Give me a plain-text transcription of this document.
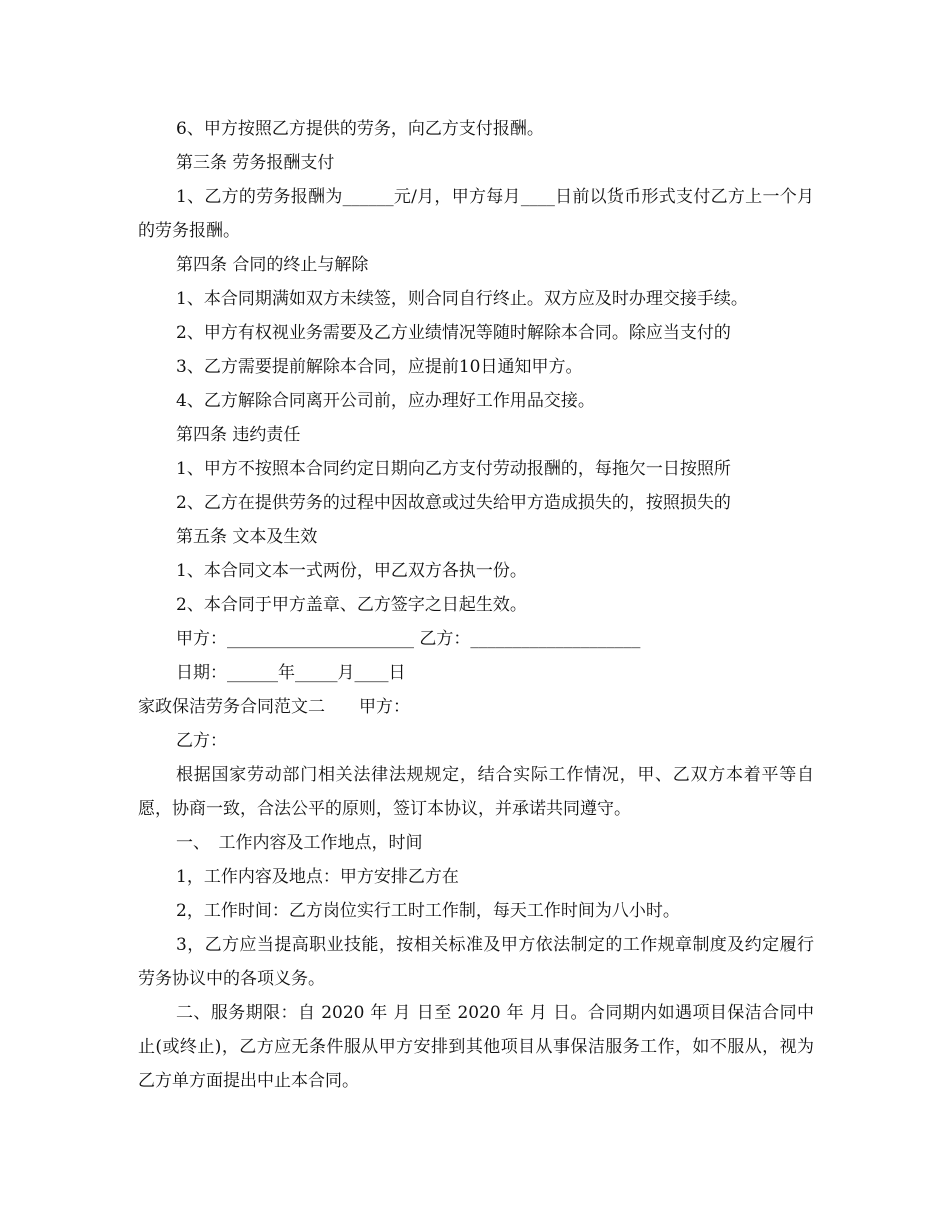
6、甲方按照乙方提供的劳务，向乙方支付报酬。

第三条 劳务报酬支付

1、乙方的劳务报酬为______元/月，甲方每月____日前以货币形式支付乙方上一个月的劳务报酬。

第四条 合同的终止与解除

1、本合同期满如双方未续签，则合同自行终止。双方应及时办理交接手续。

2、甲方有权视业务需要及乙方业绩情况等随时解除本合同。除应当支付的

3、乙方需要提前解除本合同，应提前10日通知甲方。

4、乙方解除合同离开公司前，应办理好工作用品交接。

第四条 违约责任

1、甲方不按照本合同约定日期向乙方支付劳动报酬的，每拖欠一日按照所

2、乙方在提供劳务的过程中因故意或过失给甲方造成损失的，按照损失的

第五条 文本及生效

1、本合同文本一式两份，甲乙双方各执一份。

2、本合同于甲方盖章、乙方签字之日起生效。

甲方：______________________ 乙方：____________________

日期：______年_____月____日

家政保洁劳务合同范文二　　甲方：

乙方：

根据国家劳动部门相关法律法规规定，结合实际工作情况，甲、乙双方本着平等自愿，协商一致，合法公平的原则，签订本协议，并承诺共同遵守。

一、　工作内容及工作地点，时间

1，工作内容及地点：甲方安排乙方在

2，工作时间：乙方岗位实行工时工作制，每天工作时间为八小时。

3，乙方应当提高职业技能，按相关标准及甲方依法制定的工作规章制度及约定履行劳务协议中的各项义务。

二、服务期限：自 2020 年 月 日至 2020 年 月 日。合同期内如遇项目保洁合同中止(或终止)，乙方应无条件服从甲方安排到其他项目从事保洁服务工作，如不服从，视为乙方单方面提出中止本合同。
